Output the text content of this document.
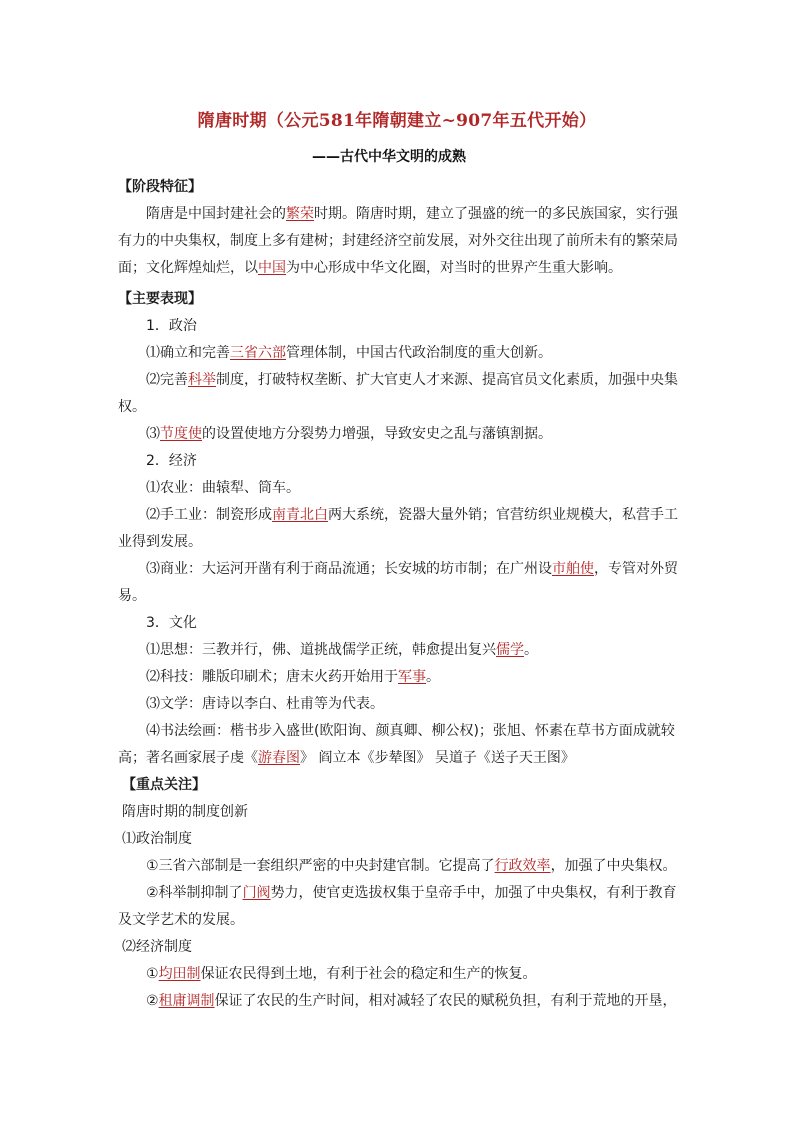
隋唐时期（公元581年隋朝建立~907年五代开始）
——古代中华文明的成熟

【阶段特征】

隋唐是中国封建社会的繁荣时期。隋唐时期，建立了强盛的统一的多民族国家，实行强有力的中央集权，制度上多有建树；封建经济空前发展，对外交往出现了前所未有的繁荣局面；文化辉煌灿烂，以中国为中心形成中华文化圈，对当时的世界产生重大影响。

【主要表现】

1．政治

⑴确立和完善三省六部管理体制，中国古代政治制度的重大创新。

⑵完善科举制度，打破特权垄断、扩大官吏人才来源、提高官员文化素质，加强中央集权。

⑶节度使的设置使地方分裂势力增强，导致安史之乱与藩镇割据。

2．经济

⑴农业：曲辕犁、筒车。

⑵手工业：制瓷形成南青北白两大系统，瓷器大量外销；官营纺织业规模大，私营手工业得到发展。

⑶商业：大运河开凿有利于商品流通；长安城的坊市制；在广州设市舶使，专管对外贸易。

3．文化

⑴思想：三教并行，佛、道挑战儒学正统，韩愈提出复兴儒学。

⑵科技：雕版印刷术；唐末火药开始用于军事。

⑶文学：唐诗以李白、杜甫等为代表。

⑷书法绘画：楷书步入盛世(欧阳询、颜真卿、柳公权)；张旭、怀素在草书方面成就较高；著名画家展子虔《游春图》 阎立本《步辇图》 吴道子《送子天王图》

【重点关注】

隋唐时期的制度创新

⑴政治制度

①三省六部制是一套组织严密的中央封建官制。它提高了行政效率，加强了中央集权。

②科举制抑制了门阀势力，使官吏选拔权集于皇帝手中，加强了中央集权，有利于教育及文学艺术的发展。

⑵经济制度

①均田制保证农民得到土地，有利于社会的稳定和生产的恢复。

②租庸调制保证了农民的生产时间，相对减轻了农民的赋税负担，有利于荒地的开垦，
